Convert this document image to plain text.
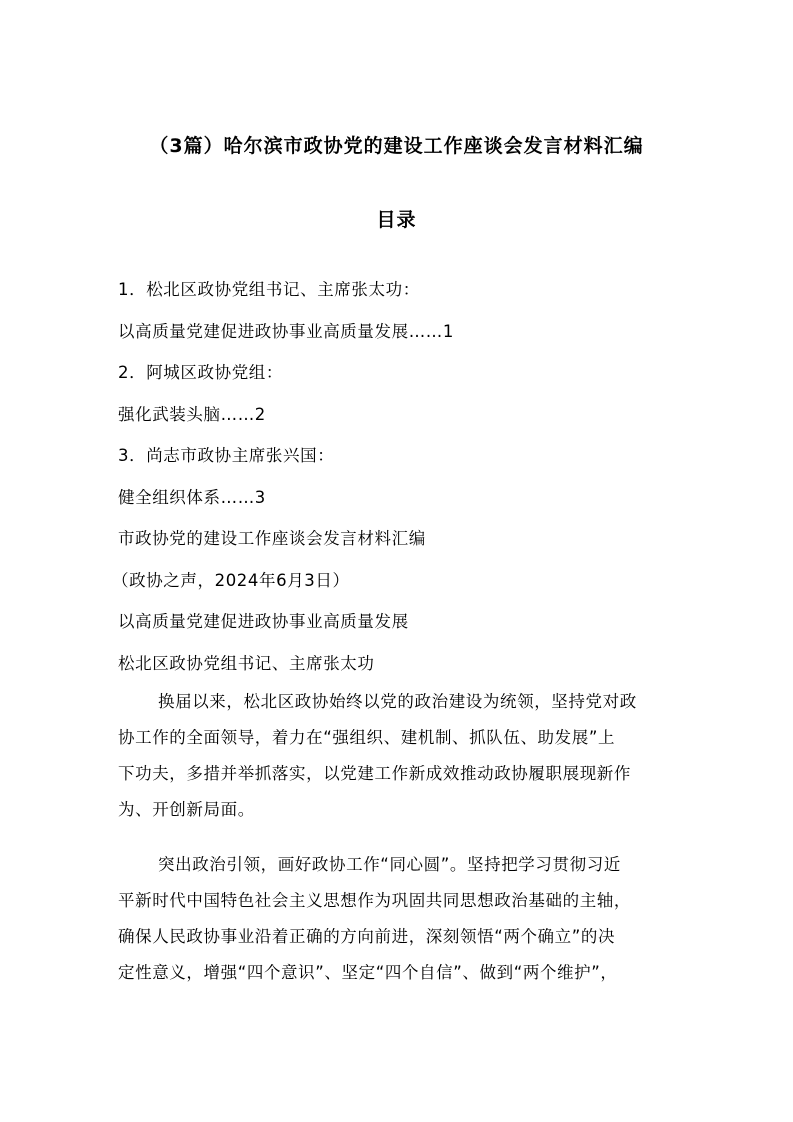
（3篇）哈尔滨市政协党的建设工作座谈会发言材料汇编
目录
1．松北区政协党组书记、主席张太功：
以高质量党建促进政协事业高质量发展……1
2．阿城区政协党组：
强化武装头脑……2
3．尚志市政协主席张兴国：
健全组织体系……3
市政协党的建设工作座谈会发言材料汇编
（政协之声，2024年6月3日）
以高质量党建促进政协事业高质量发展
松北区政协党组书记、主席张太功
换届以来，松北区政协始终以党的政治建设为统领，坚持党对政
协工作的全面领导，着力在“强组织、建机制、抓队伍、助发展”上
下功夫，多措并举抓落实，以党建工作新成效推动政协履职展现新作
为、开创新局面。
突出政治引领，画好政协工作“同心圆”。坚持把学习贯彻习近
平新时代中国特色社会主义思想作为巩固共同思想政治基础的主轴，
确保人民政协事业沿着正确的方向前进，深刻领悟“两个确立”的决
定性意义，增强“四个意识”、坚定“四个自信”、做到“两个维护”，
